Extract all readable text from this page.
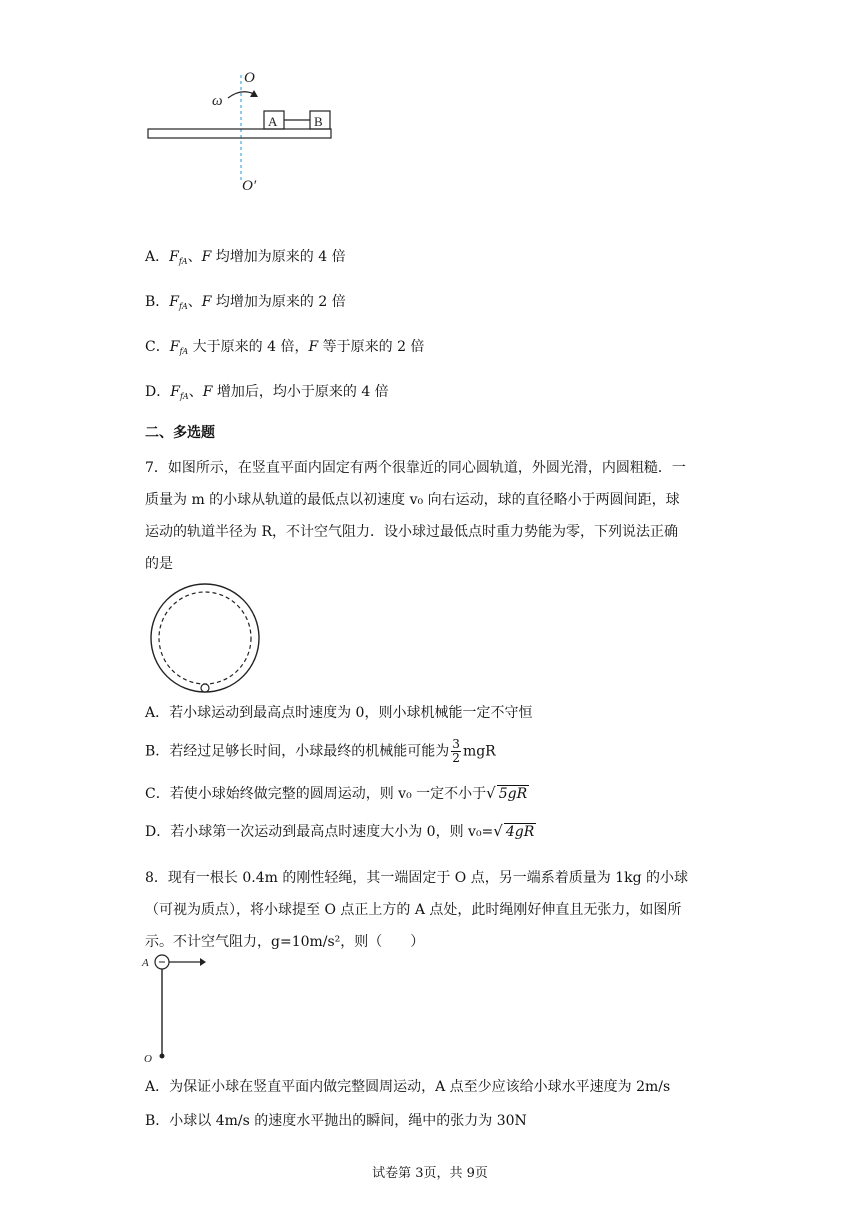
O
ω
A	B
O′
A．$F_{fA}$、F 均增加为原来的 4 倍
B．$F_{fA}$、F 均增加为原来的 2 倍
C．$F_{fA}$ 大于原来的 4 倍，F 等于原来的 2 倍
D．$F_{fA}$、F 增加后，均小于原来的 4 倍
二、多选题
7．如图所示，在竖直平面内固定有两个很靠近的同心圆轨道，外圆光滑，内圆粗糙．一
质量为 m 的小球从轨道的最低点以初速度 v₀ 向右运动，球的直径略小于两圆间距，球
运动的轨道半径为 R，不计空气阻力．设小球过最低点时重力势能为零，下列说法正确
的是
A．若小球运动到最高点时速度为 0，则小球机械能一定不守恒
B．若经过足够长时间，小球最终的机械能可能为 $\frac{3}{2}$ mgR
C．若使小球始终做完整的圆周运动，则 v₀ 一定不小于√ 5gR
D．若小球第一次运动到最高点时速度大小为 0，则 v₀=√ 4gR
8．现有一根长 0.4m 的刚性轻绳，其一端固定于 O 点，另一端系着质量为 1kg 的小球
（可视为质点），将小球提至 O 点正上方的 A 点处，此时绳刚好伸直且无张力，如图所
示。不计空气阻力，g=10m/s²，则（　　）
A
O
A．为保证小球在竖直平面内做完整圆周运动，A 点至少应该给小球水平速度为 2m/s
B．小球以 4m/s 的速度水平抛出的瞬间，绳中的张力为 30N
试卷第 3页，共 9页
